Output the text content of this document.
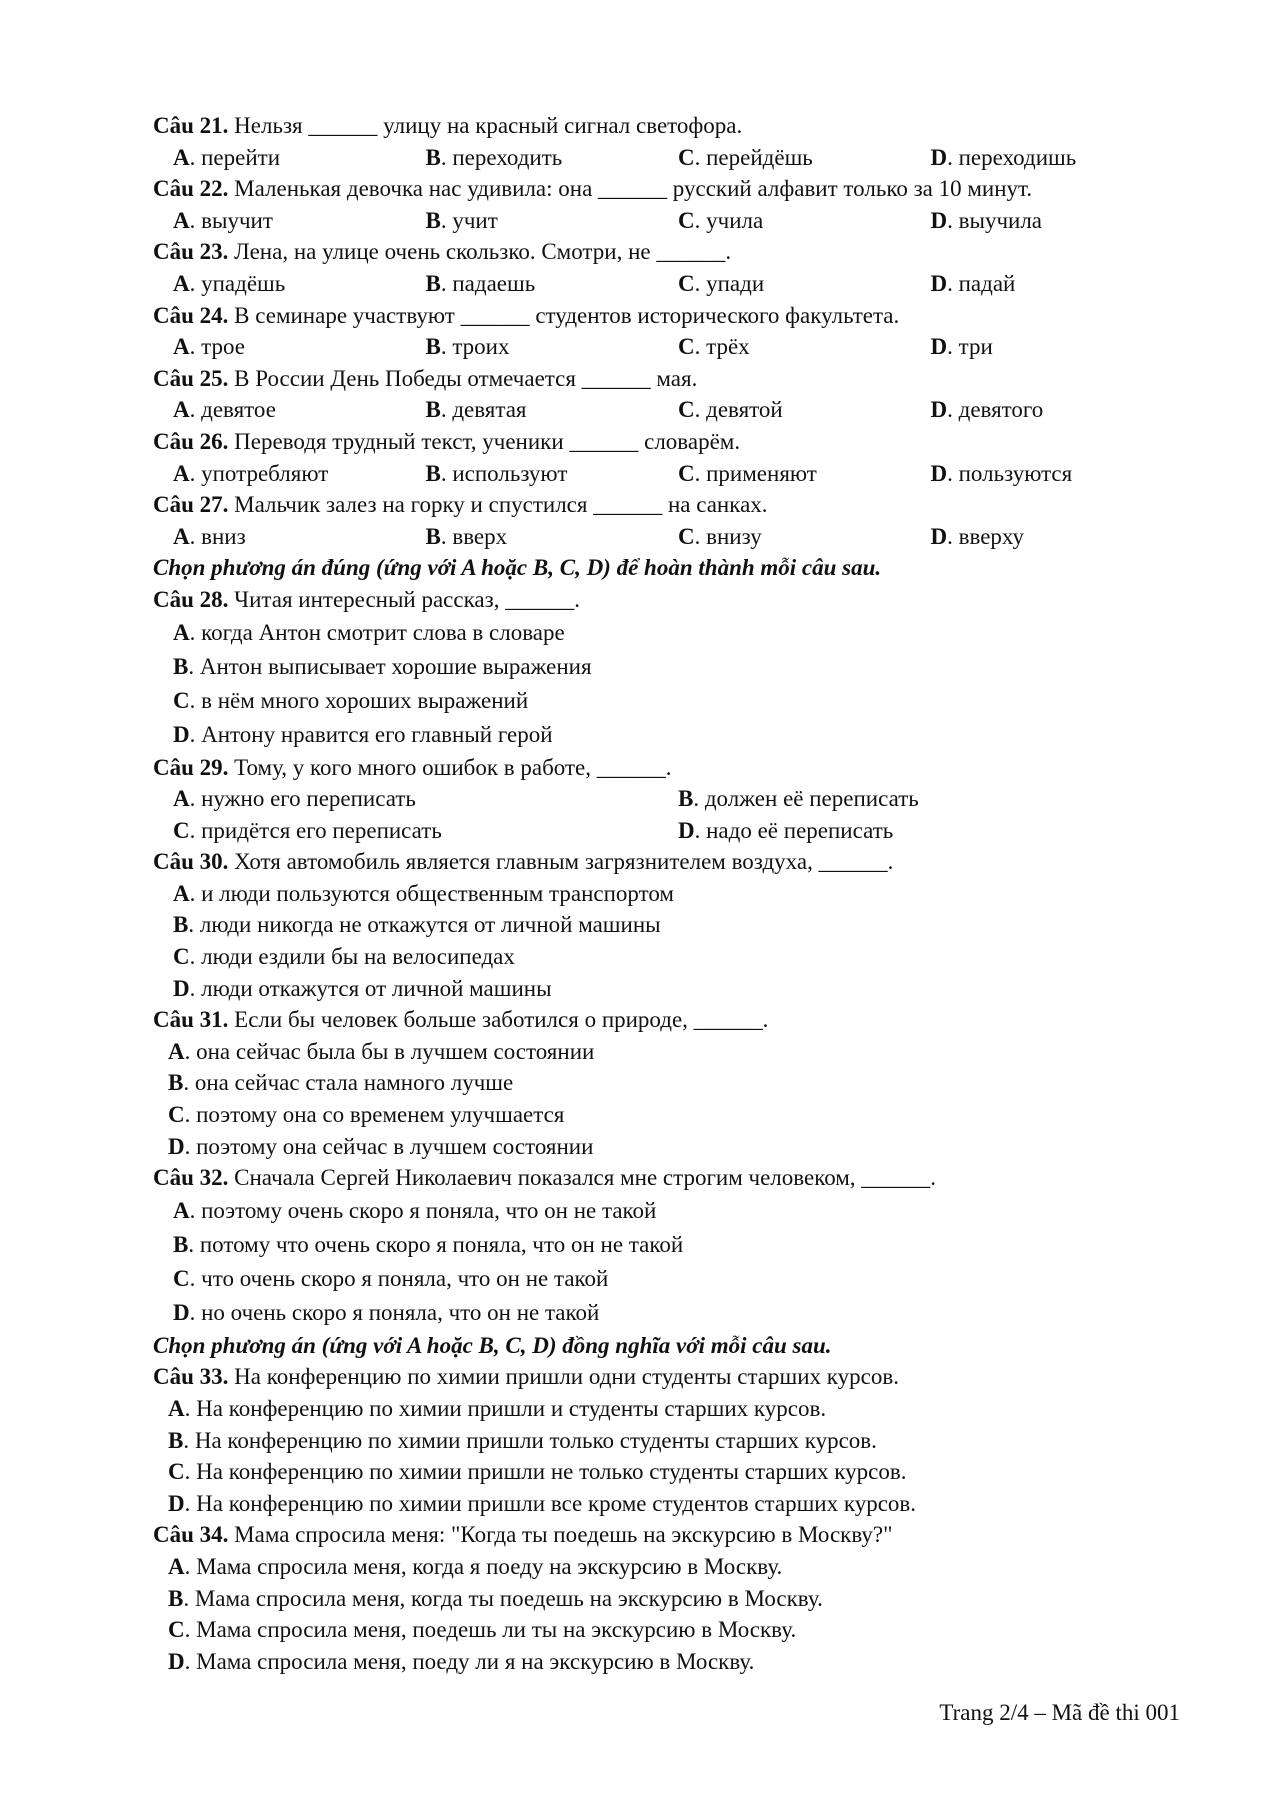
Câu 21. Нельзя ______ улицу на красный сигнал светофора.
A. перейти	B. переходить	C. перейдёшь	D. переходишь
Câu 22. Маленькая девочка нас удивила: она ______ русский алфавит только за 10 минут.
A. выучит	B. учит	C. учила	D. выучила
Câu 23. Лена, на улице очень скользко. Смотри, не ______.
A. упадёшь	B. падаешь	C. упади	D. падай
Câu 24. В семинаре участвуют ______ студентов исторического факультета.
A. трое	B. троих	C. трёх	D. три
Câu 25. В России День Победы отмечается ______ мая.
A. девятое	B. девятая	C. девятой	D. девятого
Câu 26. Переводя трудный текст, ученики ______ словарём.
A. употребляют	B. используют	C. применяют	D. пользуются
Câu 27. Мальчик залез на горку и спустился ______ на санках.
A. вниз	B. вверх	C. внизу	D. вверху
Chọn phương án đúng (ứng với A hoặc B, C, D) để hoàn thành mỗi câu sau.
Câu 28. Читая интересный рассказ, ______.
A. когда Антон смотрит слова в словаре
B. Антон выписывает хорошие выражения
C. в нём много хороших выражений
D. Антону нравится его главный герой
Câu 29. Тому, у кого много ошибок в работе, ______.
A. нужно его переписать	B. должен её переписать
C. придётся его переписать	D. надо её переписать
Câu 30. Хотя автомобиль является главным загрязнителем воздуха, ______.
A. и люди пользуются общественным транспортом
B. люди никогда не откажутся от личной машины
C. люди ездили бы на велосипедах
D. люди откажутся от личной машины
Câu 31. Если бы человек больше заботился о природе, ______.
A. она сейчас была бы в лучшем состоянии
B. она сейчас стала намного лучше
C. поэтому она со временем улучшается
D. поэтому она сейчас в лучшем состоянии
Câu 32. Сначала Сергей Николаевич показался мне строгим человеком, ______.
A. поэтому очень скоро я поняла, что он не такой
B. потому что очень скоро я поняла, что он не такой
C. что очень скоро я поняла, что он не такой
D. но очень скоро я поняла, что он не такой
Chọn phương án (ứng với A hoặc B, C, D) đồng nghĩa với mỗi câu sau.
Câu 33. На конференцию по химии пришли одни студенты старших курсов.
A. На конференцию по химии пришли и студенты старших курсов.
B. На конференцию по химии пришли только студенты старших курсов.
C. На конференцию по химии пришли не только студенты старших курсов.
D. На конференцию по химии пришли все кроме студентов старших курсов.
Câu 34. Мама спросила меня: "Когда ты поедешь на экскурсию в Москву?"
A. Мама спросила меня, когда я поеду на экскурсию в Москву.
B. Мама спросила меня, когда ты поедешь на экскурсию в Москву.
C. Мама спросила меня, поедешь ли ты на экскурсию в Москву.
D. Мама спросила меня, поеду ли я на экскурсию в Москву.
Trang 2/4 – Mã đề thi 001
